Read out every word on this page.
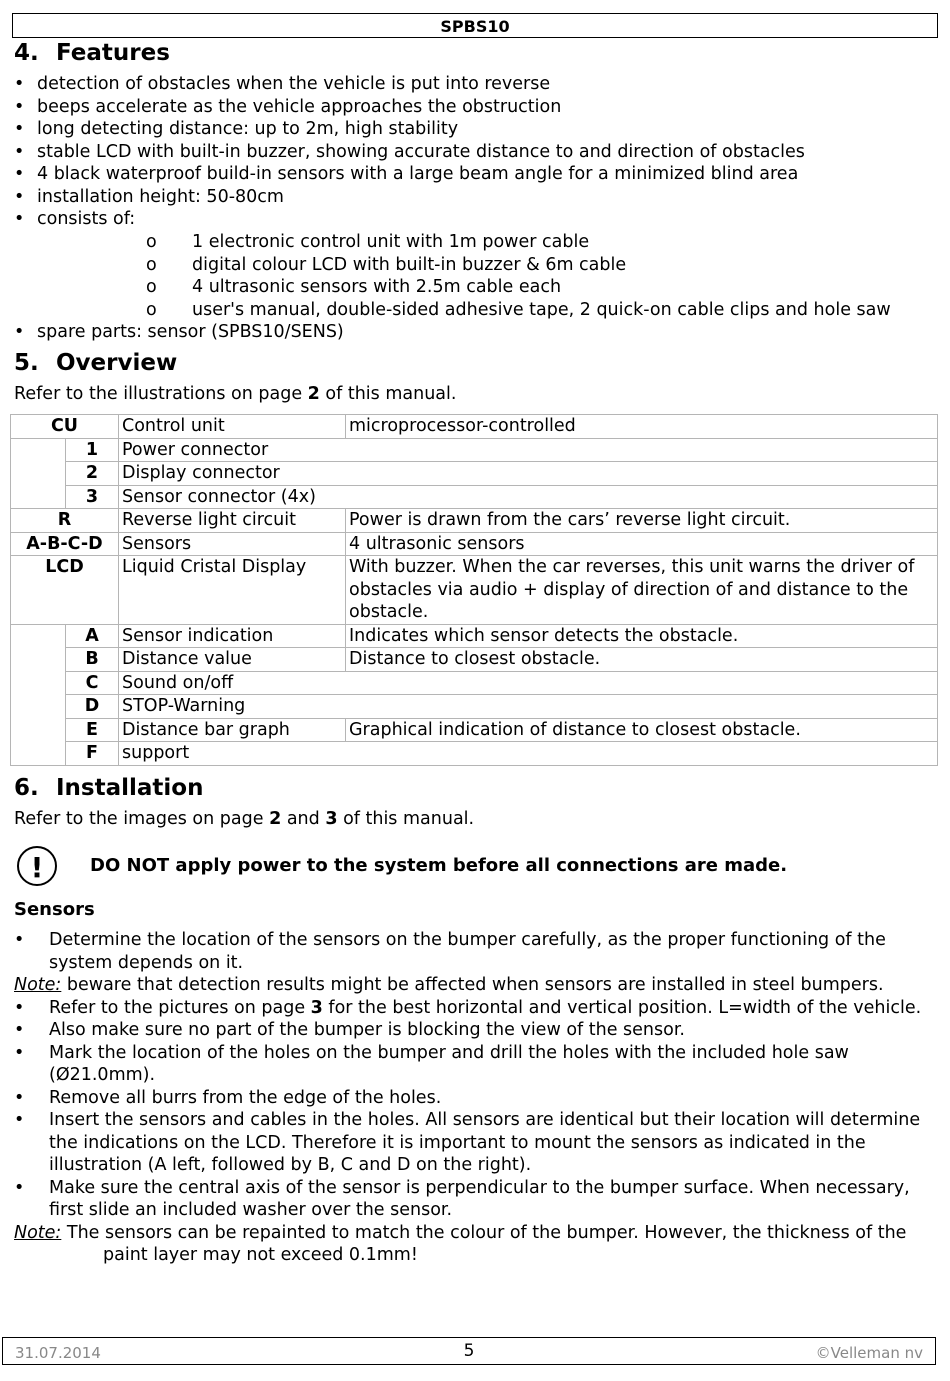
SPBS10
4. Features
• detection of obstacles when the vehicle is put into reverse
• beeps accelerate as the vehicle approaches the obstruction
• long detecting distance: up to 2m, high stability
• stable LCD with built-in buzzer, showing accurate distance to and direction of obstacles
• 4 black waterproof build-in sensors with a large beam angle for a minimized blind area
• installation height: 50-80cm
• consists of:
o 1 electronic control unit with 1m power cable
o digital colour LCD with built-in buzzer & 6m cable
o 4 ultrasonic sensors with 2.5m cable each
o user's manual, double-sided adhesive tape, 2 quick-on cable clips and hole saw
• spare parts: sensor (SPBS10/SENS)
5. Overview

Refer to the illustrations on page 2 of this manual.

CU		Control unit	microprocessor-controlled
	1	Power connector	
	2	Display connector	
	3	Sensor connector (4x)	
R		Reverse light circuit	Power is drawn from the cars’ reverse light circuit.
A-B-C-D		Sensors	4 ultrasonic sensors
LCD		Liquid Cristal Display	With buzzer. When the car reverses, this unit warns the driver of obstacles via audio + display of direction of and distance to the obstacle.
	A	Sensor indication	Indicates which sensor detects the obstacle.
	B	Distance value	Distance to closest obstacle.
	C	Sound on/off	
	D	STOP-Warning	
	E	Distance bar graph	Graphical indication of distance to closest obstacle.
	F	support	
6. Installation

Refer to the images on page 2 and 3 of this manual.

!	DO NOT apply power to the system before all connections are made.
Sensors
• Determine the location of the sensors on the bumper carefully, as the proper functioning of the system depends on it.
Note: beware that detection results might be affected when sensors are installed in steel bumpers.
• Refer to the pictures on page 3 for the best horizontal and vertical position. L=width of the vehicle.
• Also make sure no part of the bumper is blocking the view of the sensor.
• Mark the location of the holes on the bumper and drill the holes with the included hole saw (Ø21.0mm).
• Remove all burrs from the edge of the holes.
• Insert the sensors and cables in the holes. All sensors are identical but their location will determine the indications on the LCD. Therefore it is important to mount the sensors as indicated in the illustration (A left, followed by B, C and D on the right).
• Make sure the central axis of the sensor is perpendicular to the bumper surface. When necessary, first slide an included washer over the sensor.
Note: The sensors can be repainted to match the colour of the bumper. However, the thickness of the paint layer may not exceed 0.1mm!
31.07.2014	5	©Velleman nv
